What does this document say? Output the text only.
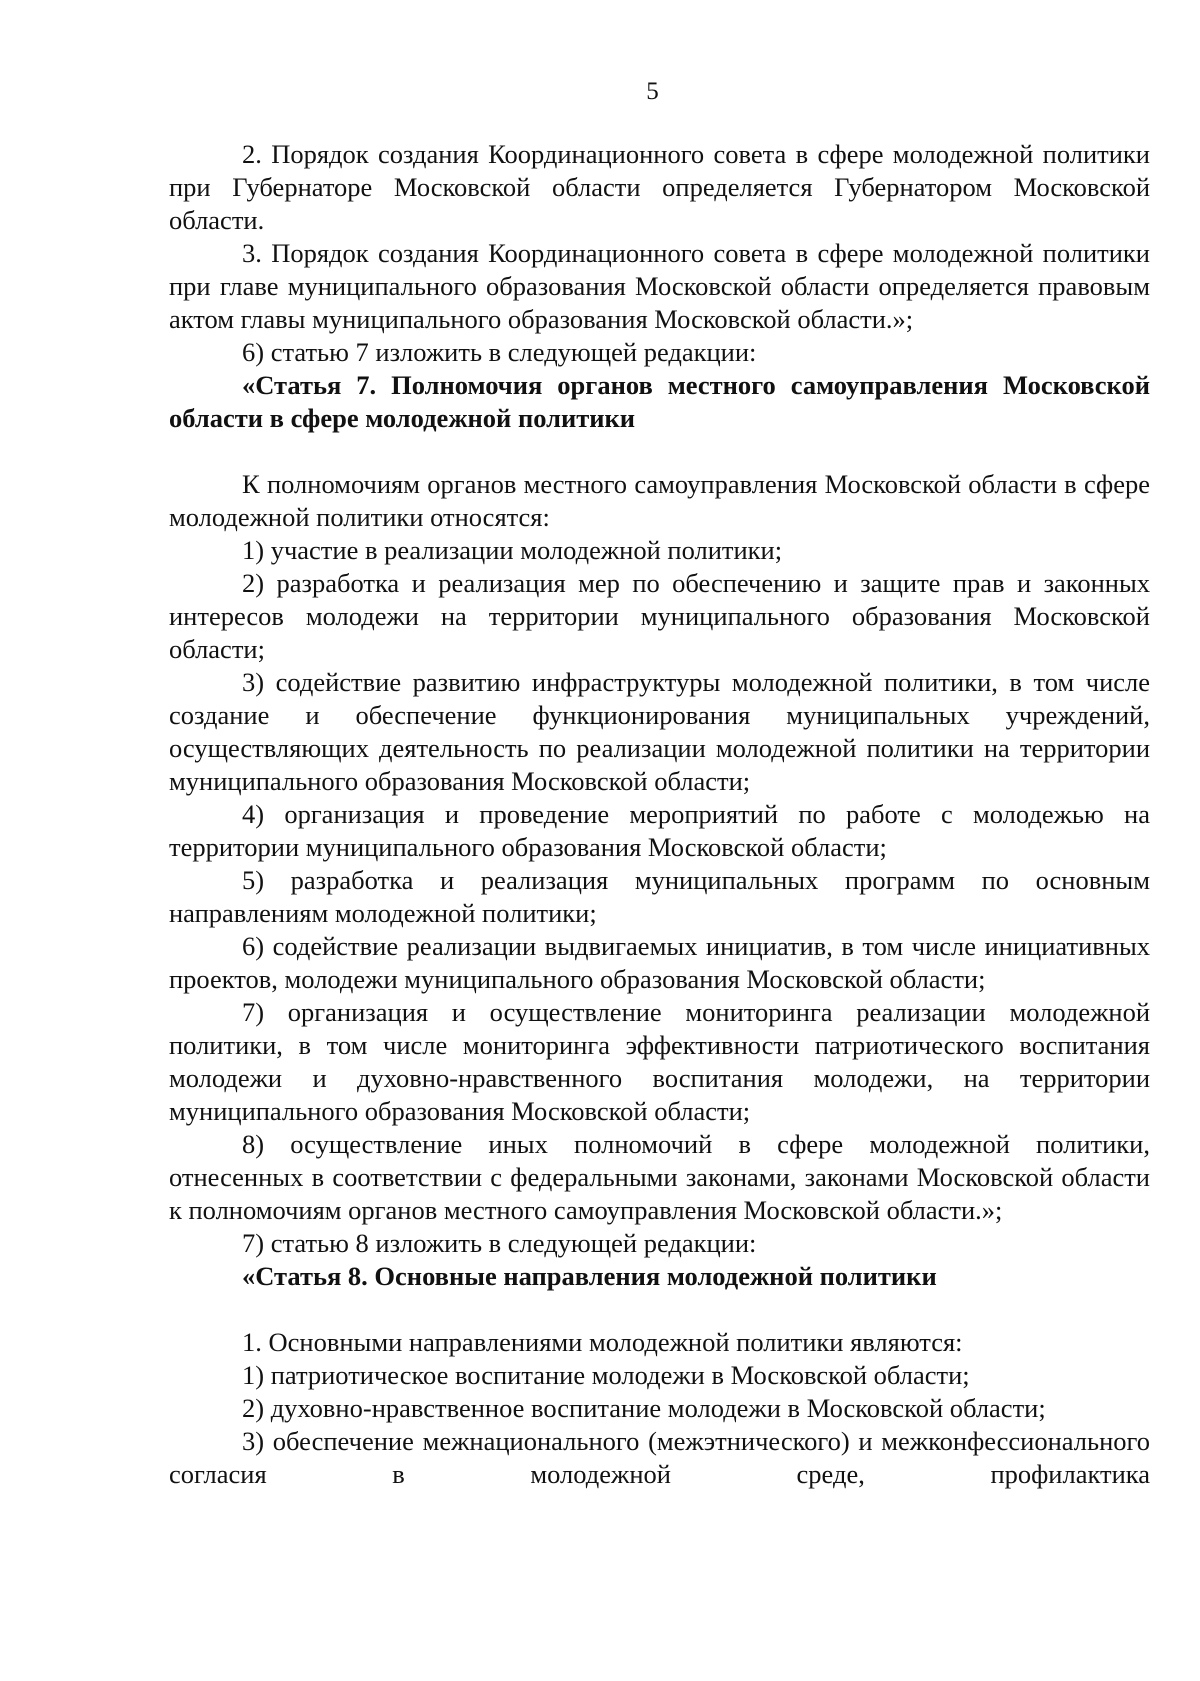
5

2. Порядок создания Координационного совета в сфере молодежной политики при Губернаторе Московской области определяется Губернатором Московской области.

3. Порядок создания Координационного совета в сфере молодежной политики при главе муниципального образования Московской области определяется правовым актом главы муниципального образования Московской области.»;

6) статью 7 изложить в следующей редакции:

«Статья 7. Полномочия органов местного самоуправления Московской области в сфере молодежной политики

К полномочиям органов местного самоуправления Московской области в сфере молодежной политики относятся:

1) участие в реализации молодежной политики;

2) разработка и реализация мер по обеспечению и защите прав и законных интересов молодежи на территории муниципального образования Московской области;

3) содействие развитию инфраструктуры молодежной политики, в том числе создание и обеспечение функционирования муниципальных учреждений, осуществляющих деятельность по реализации молодежной политики на территории муниципального образования Московской области;

4) организация и проведение мероприятий по работе с молодежью на территории муниципального образования Московской области;

5) разработка и реализация муниципальных программ по основным направлениям молодежной политики;

6) содействие реализации выдвигаемых инициатив, в том числе инициативных проектов, молодежи муниципального образования Московской области;

7) организация и осуществление мониторинга реализации молодежной политики, в том числе мониторинга эффективности патриотического воспитания молодежи и духовно-нравственного воспитания молодежи, на территории муниципального образования Московской области;

8) осуществление иных полномочий в сфере молодежной политики, отнесенных в соответствии с федеральными законами, законами Московской области к полномочиям органов местного самоуправления Московской области.»;

7) статью 8 изложить в следующей редакции:

«Статья 8. Основные направления молодежной политики

1. Основными направлениями молодежной политики являются:

1) патриотическое воспитание молодежи в Московской области;

2) духовно-нравственное воспитание молодежи в Московской области;

3) обеспечение межнационального (межэтнического) и межконфессионального согласия в молодежной среде, профилактика
